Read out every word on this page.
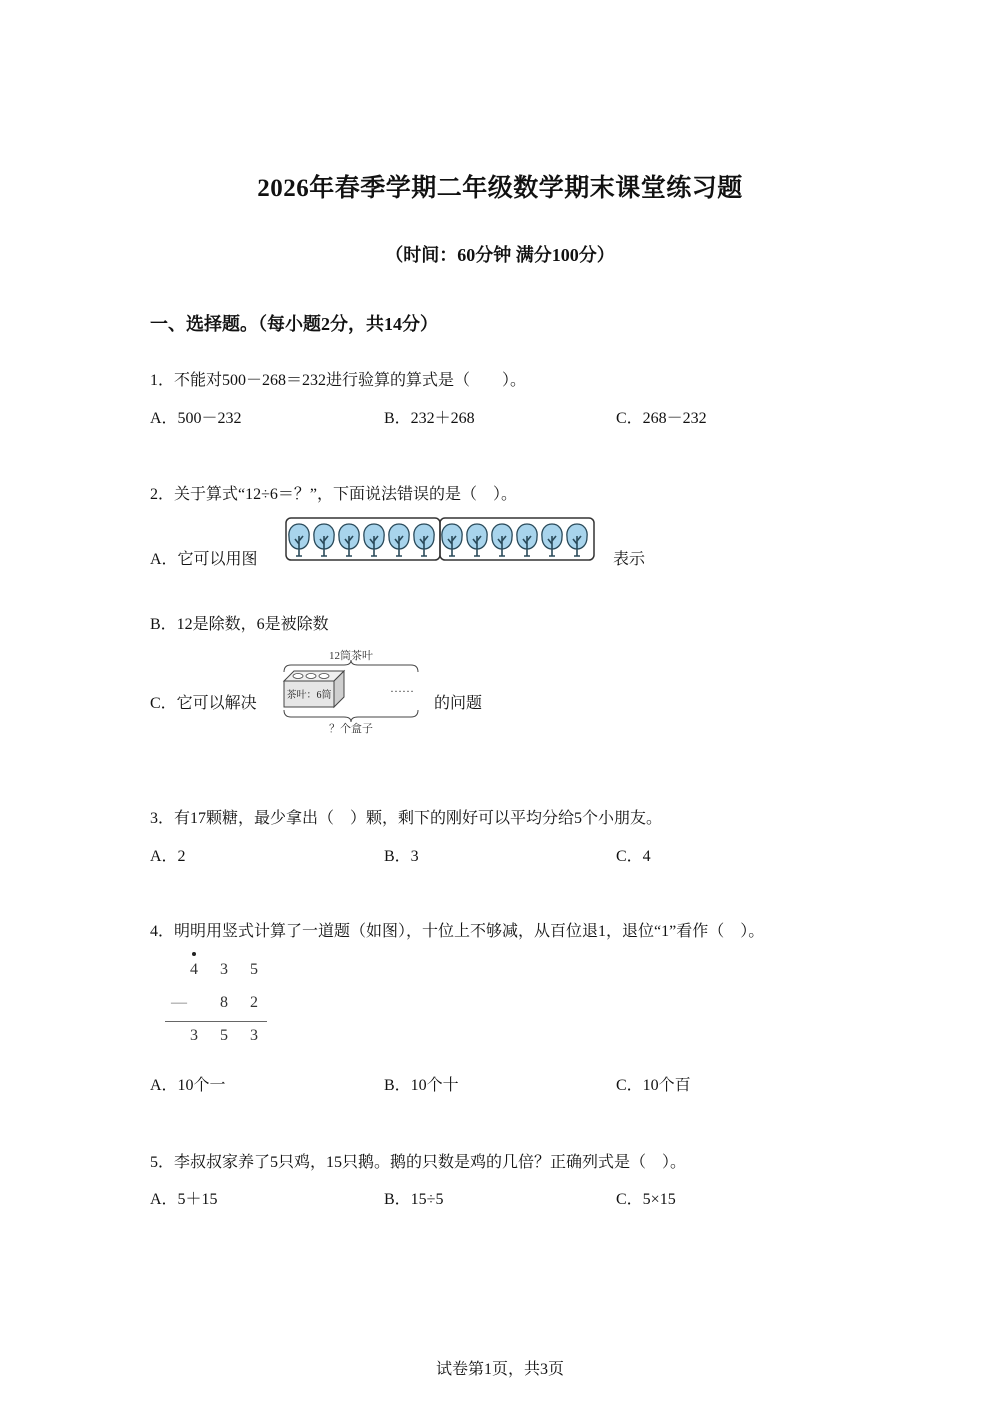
2026年春季学期二年级数学期末课堂练习题
（时间：60分钟 满分100分）
一、选择题。（每小题2分，共14分）
1．不能对500－268＝232进行验算的算式是（　　）。
A．500－232	B．232＋268	C．268－232
2．关于算式“12÷6＝？”，下面说法错误的是（　）。
A．它可以用图	表示
B．12是除数，6是被除数
C．它可以解决
12筒茶叶
茶叶：6筒
……
？个盒子
的问题
3．有17颗糖，最少拿出（　）颗，剩下的刚好可以平均分给5个小朋友。
A．2	B．3	C．4
4．明明用竖式计算了一道题（如图），十位上不够减，从百位退1，退位“1”看作（　）。
4 3 5
— 8 2
3 5 3
A．10个一	B．10个十	C．10个百
5．李叔叔家养了5只鸡，15只鹅。鹅的只数是鸡的几倍？正确列式是（　）。
A．5＋15	B．15÷5	C．5×15
试卷第1页，共3页
